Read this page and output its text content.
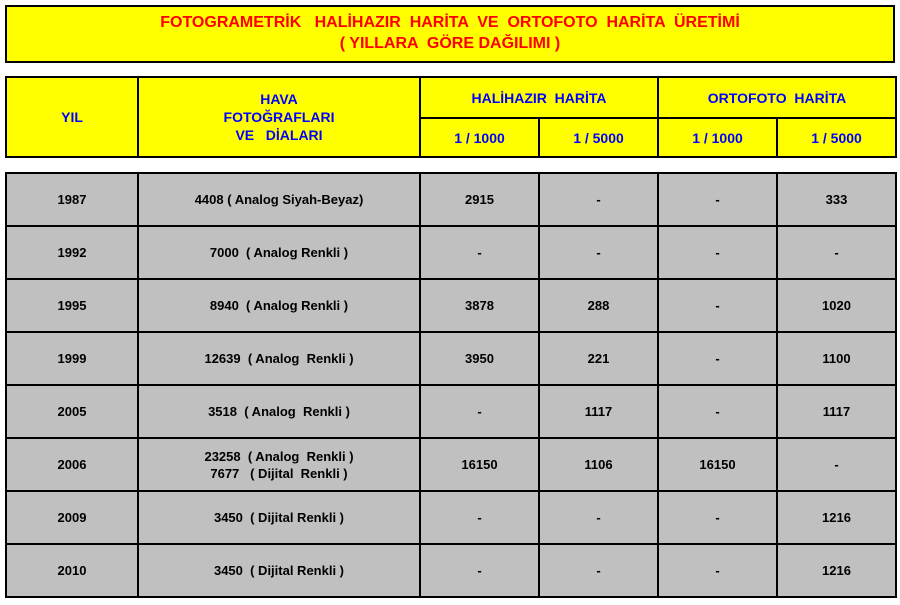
FOTOGRAMETRİK   HALİHAZIR  HARİTA  VE  ORTOFOTO  HARİTA  ÜRETİMİ
( YILLARA  GÖRE DAĞILIMI )
YIL	HAVA
FOTOĞRAFLARI
VE   DİALARI	HALİHAZIR  HARİTA		ORTOFOTO  HARİTA	
		1 / 1000	1 / 5000	1 / 1000	1 / 5000
1987	4408 ( Analog Siyah-Beyaz)	2915	-	-	333
1992	7000  ( Analog Renkli )	-	-	-	-
1995	8940  ( Analog Renkli )	3878	288	-	1020
1999	12639  ( Analog  Renkli )	3950	221	-	1100
2005	3518  ( Analog  Renkli )	-	1117	-	1117
2006	23258  ( Analog  Renkli )
7677   ( Dijital  Renkli )	16150	1106	16150	-
2009	3450  ( Dijital Renkli )	-	-	-	1216
2010	3450  ( Dijital Renkli )	-	-	-	1216
